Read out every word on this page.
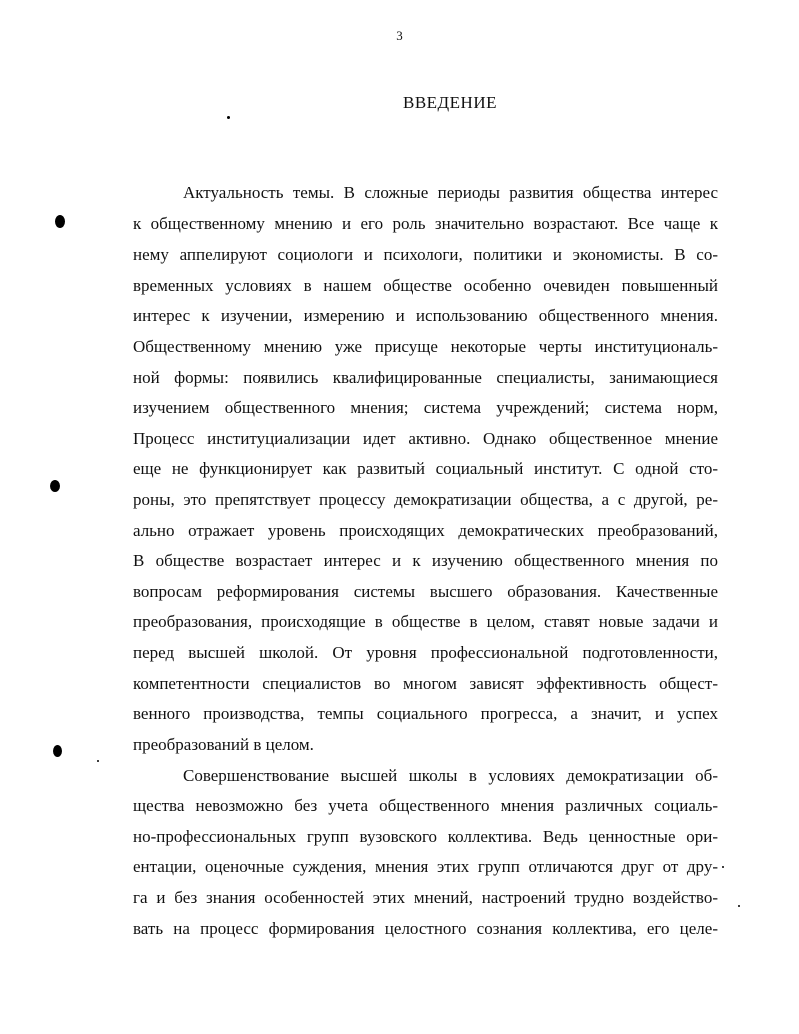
3
ВВЕДЕНИЕ
Актуальность темы. В сложные периоды развития общества интерес
к общественному мнению и его роль значительно возрастают. Все чаще к
нему аппелируют социологи и психологи, политики и экономисты. В со-
временных условиях в нашем обществе особенно очевиден повышенный
интерес к изучении, измерению и использованию общественного мнения.
Общественному мнению уже присуще некоторые черты институциональ-
ной формы: появились квалифицированные специалисты, занимающиеся
изучением общественного мнения; система учреждений; система норм,
Процесс институциализации идет активно. Однако общественное мнение
еще не функционирует как развитый социальный институт. С одной сто-
роны, это препятствует процессу демократизации общества, а с другой, ре-
ально отражает уровень происходящих демократических преобразований,
В обществе возрастает интерес и к изучению общественного мнения по
вопросам реформирования системы высшего образования. Качественные
преобразования, происходящие в обществе в целом, ставят новые задачи и
перед высшей школой. От уровня профессиональной подготовленности,
компетентности специалистов во многом зависят эффективность общест-
венного производства, темпы социального прогресса, а значит, и успех
преобразований в целом.
Совершенствование высшей школы в условиях демократизации об-
щества невозможно без учета общественного мнения различных социаль-
но-профессиональных групп вузовского коллектива. Ведь ценностные ори-
ентации, оценочные суждения, мнения этих групп отличаются друг от дру-
га и без знания особенностей этих мнений, настроений трудно воздейство-
вать на процесс формирования целостного сознания коллектива, его целе-
